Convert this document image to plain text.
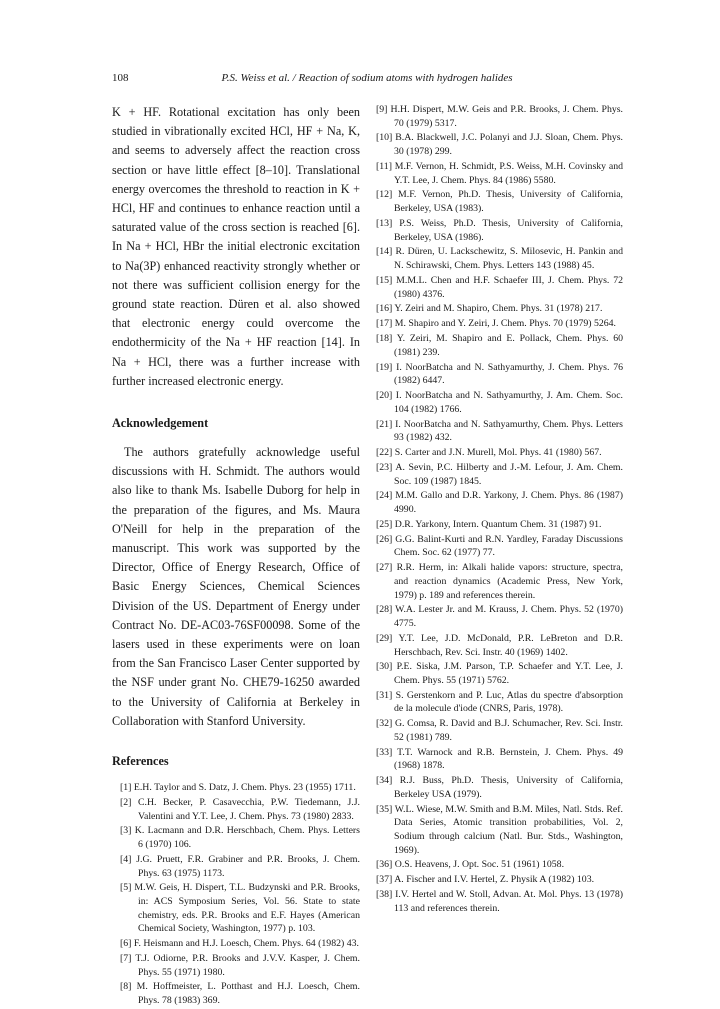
108	P.S. Weiss et al. / Reaction of sodium atoms with hydrogen halides

K + HF. Rotational excitation has only been studied in vibrationally excited HCl, HF + Na, K, and seems to adversely affect the reaction cross section or have little effect [8–10]. Translational energy overcomes the threshold to reaction in K + HCl, HF and continues to enhance reaction until a saturated value of the cross section is reached [6]. In Na + HCl, HBr the initial electronic excitation to Na(3P) enhanced reactivity strongly whether or not there was sufficient collision energy for the ground state reaction. Düren et al. also showed that electronic energy could overcome the endothermicity of the Na + HF reaction [14]. In Na + HCl, there was a further increase with further increased electronic energy.

Acknowledgement

The authors gratefully acknowledge useful discussions with H. Schmidt. The authors would also like to thank Ms. Isabelle Duborg for help in the preparation of the figures, and Ms. Maura O'Neill for help in the preparation of the manuscript. This work was supported by the Director, Office of Energy Research, Office of Basic Energy Sciences, Chemical Sciences Division of the US. Department of Energy under Contract No. DE-AC03-76SF00098. Some of the lasers used in these experiments were on loan from the San Francisco Laser Center supported by the NSF under grant No. CHE79-16250 awarded to the University of California at Berkeley in Collaboration with Stanford University.

References
[1] E.H. Taylor and S. Datz, J. Chem. Phys. 23 (1955) 1711.
[2] C.H. Becker, P. Casavecchia, P.W. Tiedemann, J.J. Valentini and Y.T. Lee, J. Chem. Phys. 73 (1980) 2833.
[3] K. Lacmann and D.R. Herschbach, Chem. Phys. Letters 6 (1970) 106.
[4] J.G. Pruett, F.R. Grabiner and P.R. Brooks, J. Chem. Phys. 63 (1975) 1173.
[5] M.W. Geis, H. Dispert, T.L. Budzynski and P.R. Brooks, in: ACS Symposium Series, Vol. 56. State to state chemistry, eds. P.R. Brooks and E.F. Hayes (American Chemical Society, Washington, 1977) p. 103.
[6] F. Heismann and H.J. Loesch, Chem. Phys. 64 (1982) 43.
[7] T.J. Odiorne, P.R. Brooks and J.V.V. Kasper, J. Chem. Phys. 55 (1971) 1980.
[8] M. Hoffmeister, L. Potthast and H.J. Loesch, Chem. Phys. 78 (1983) 369.
[9] H.H. Dispert, M.W. Geis and P.R. Brooks, J. Chem. Phys. 70 (1979) 5317.
[10] B.A. Blackwell, J.C. Polanyi and J.J. Sloan, Chem. Phys. 30 (1978) 299.
[11] M.F. Vernon, H. Schmidt, P.S. Weiss, M.H. Covinsky and Y.T. Lee, J. Chem. Phys. 84 (1986) 5580.
[12] M.F. Vernon, Ph.D. Thesis, University of California, Berkeley, USA (1983).
[13] P.S. Weiss, Ph.D. Thesis, University of California, Berkeley, USA (1986).
[14] R. Düren, U. Lackschewitz, S. Milosevic, H. Pankin and N. Schirawski, Chem. Phys. Letters 143 (1988) 45.
[15] M.M.L. Chen and H.F. Schaefer III, J. Chem. Phys. 72 (1980) 4376.
[16] Y. Zeiri and M. Shapiro, Chem. Phys. 31 (1978) 217.
[17] M. Shapiro and Y. Zeiri, J. Chem. Phys. 70 (1979) 5264.
[18] Y. Zeiri, M. Shapiro and E. Pollack, Chem. Phys. 60 (1981) 239.
[19] I. NoorBatcha and N. Sathyamurthy, J. Chem. Phys. 76 (1982) 6447.
[20] I. NoorBatcha and N. Sathyamurthy, J. Am. Chem. Soc. 104 (1982) 1766.
[21] I. NoorBatcha and N. Sathyamurthy, Chem. Phys. Letters 93 (1982) 432.
[22] S. Carter and J.N. Murell, Mol. Phys. 41 (1980) 567.
[23] A. Sevin, P.C. Hilberty and J.-M. Lefour, J. Am. Chem. Soc. 109 (1987) 1845.
[24] M.M. Gallo and D.R. Yarkony, J. Chem. Phys. 86 (1987) 4990.
[25] D.R. Yarkony, Intern. Quantum Chem. 31 (1987) 91.
[26] G.G. Balint-Kurti and R.N. Yardley, Faraday Discussions Chem. Soc. 62 (1977) 77.
[27] R.R. Herm, in: Alkali halide vapors: structure, spectra, and reaction dynamics (Academic Press, New York, 1979) p. 189 and references therein.
[28] W.A. Lester Jr. and M. Krauss, J. Chem. Phys. 52 (1970) 4775.
[29] Y.T. Lee, J.D. McDonald, P.R. LeBreton and D.R. Herschbach, Rev. Sci. Instr. 40 (1969) 1402.
[30] P.E. Siska, J.M. Parson, T.P. Schaefer and Y.T. Lee, J. Chem. Phys. 55 (1971) 5762.
[31] S. Gerstenkorn and P. Luc, Atlas du spectre d'absorption de la molecule d'iode (CNRS, Paris, 1978).
[32] G. Comsa, R. David and B.J. Schumacher, Rev. Sci. Instr. 52 (1981) 789.
[33] T.T. Warnock and R.B. Bernstein, J. Chem. Phys. 49 (1968) 1878.
[34] R.J. Buss, Ph.D. Thesis, University of California, Berkeley USA (1979).
[35] W.L. Wiese, M.W. Smith and B.M. Miles, Natl. Stds. Ref. Data Series, Atomic transition probabilities, Vol. 2, Sodium through calcium (Natl. Bur. Stds., Washington, 1969).
[36] O.S. Heavens, J. Opt. Soc. 51 (1961) 1058.
[37] A. Fischer and I.V. Hertel, Z. Physik A (1982) 103.
[38] I.V. Hertel and W. Stoll, Advan. At. Mol. Phys. 13 (1978) 113 and references therein.
